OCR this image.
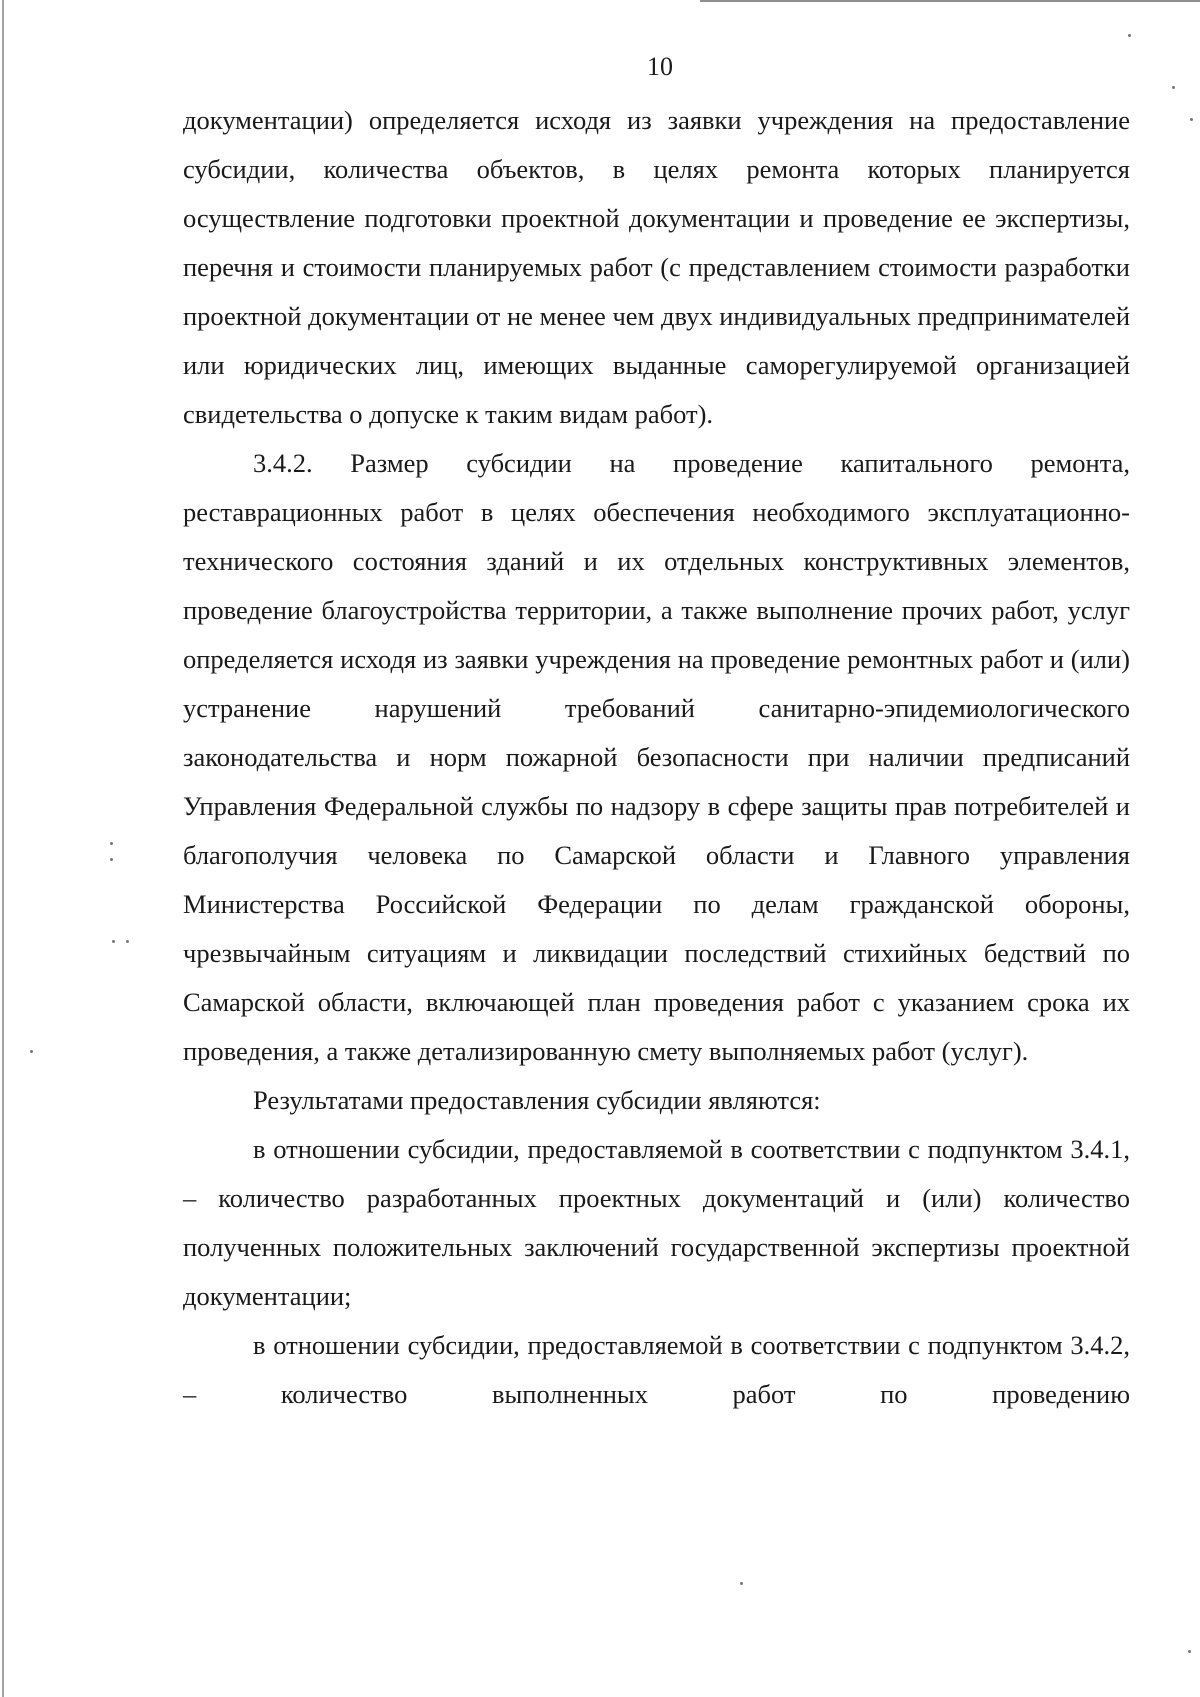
10

документации) определяется исходя из заявки учреждения на предоставление субсидии, количества объектов, в целях ремонта которых планируется осуществление подготовки проектной документации и проведение ее экспертизы, перечня и стоимости планируемых работ (с представлением стоимости разработки проектной документации от не менее чем двух индивидуальных предпринимателей или юридических лиц, имеющих выданные саморегулируемой организацией свидетельства о допуске к таким видам работ).

3.4.2. Размер субсидии на проведение капитального ремонта, реставрационных работ в целях обеспечения необходимого эксплуатационно-технического состояния зданий и их отдельных конструктивных элементов, проведение благоустройства территории, а также выполнение прочих работ, услуг определяется исходя из заявки учреждения на проведение ремонтных работ и (или) устранение нарушений требований санитарно-эпидемиологического законодательства и норм пожарной безопасности при наличии предписаний Управления Федеральной службы по надзору в сфере защиты прав потребителей и благополучия человека по Самарской области и Главного управления Министерства Российской Федерации по делам гражданской обороны, чрезвычайным ситуациям и ликвидации последствий стихийных бедствий по Самарской области, включающей план проведения работ с указанием срока их проведения, а также детализированную смету выполняемых работ (услуг).

Результатами предоставления субсидии являются:

в отношении субсидии, предоставляемой в соответствии с подпунктом 3.4.1, – количество разработанных проектных документаций и (или) количество полученных положительных заключений государственной экспертизы проектной документации;

в отношении субсидии, предоставляемой в соответствии с подпунктом 3.4.2, – количество выполненных работ по проведению
